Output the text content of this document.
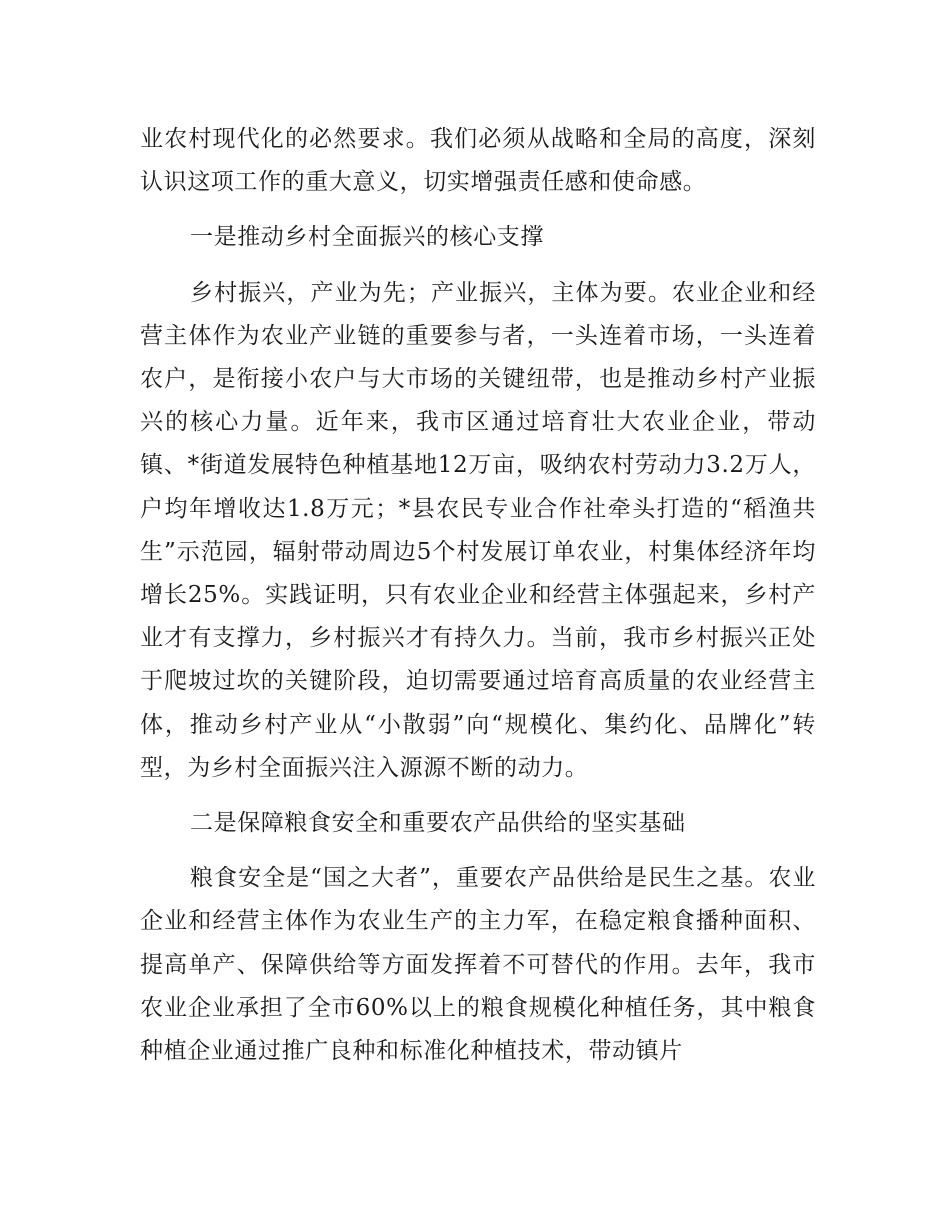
业农村现代化的必然要求。我们必须从战略和全局的高度，深刻认识这项工作的重大意义，切实增强责任感和使命感。

一是推动乡村全面振兴的核心支撑

乡村振兴，产业为先；产业振兴，主体为要。农业企业和经营主体作为农业产业链的重要参与者，一头连着市场，一头连着农户，是衔接小农户与大市场的关键纽带，也是推动乡村产业振兴的核心力量。近年来，我市区通过培育壮大农业企业，带动镇、*街道发展特色种植基地12万亩，吸纳农村劳动力3.2万人，户均年增收达1.8万元；*县农民专业合作社牵头打造的“稻渔共生”示范园，辐射带动周边5个村发展订单农业，村集体经济年均增长25%。实践证明，只有农业企业和经营主体强起来，乡村产业才有支撑力，乡村振兴才有持久力。当前，我市乡村振兴正处于爬坡过坎的关键阶段，迫切需要通过培育高质量的农业经营主体，推动乡村产业从“小散弱”向“规模化、集约化、品牌化”转型，为乡村全面振兴注入源源不断的动力。

二是保障粮食安全和重要农产品供给的坚实基础

粮食安全是“国之大者”，重要农产品供给是民生之基。农业企业和经营主体作为农业生产的主力军，在稳定粮食播种面积、提高单产、保障供给等方面发挥着不可替代的作用。去年，我市农业企业承担了全市60%以上的粮食规模化种植任务，其中粮食种植企业通过推广良种和标准化种植技术，带动镇片
